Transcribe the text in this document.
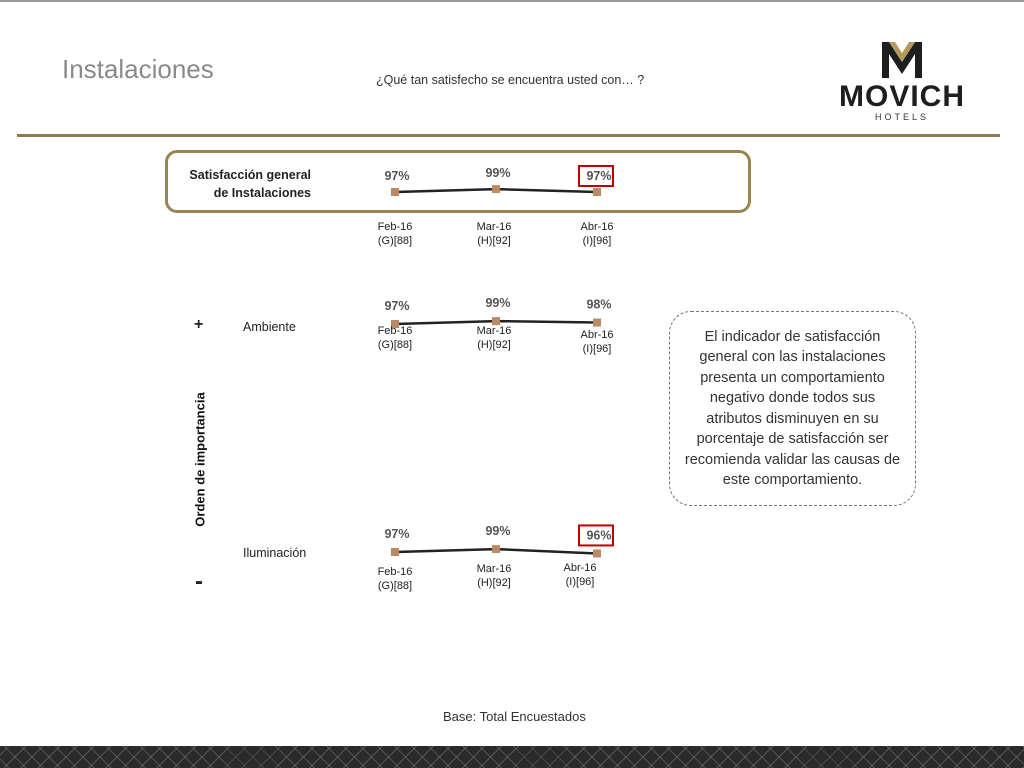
Instalaciones	¿Qué tan satisfecho se encuentra usted con… ?	MOVICH
HOTELS
Satisfacción general
de Instalaciones
Ambiente
Iluminación
+
-
Orden de importancia
97%
Feb-16
(G)[88]
99%
Mar-16
(H)[92]
97%
Abr-16
(I)[96]
97%
Feb-16
(G)[88]
99%
Mar-16
(H)[92]
98%
Abr-16
(I)[96]
97%
Feb-16
(G)[88]
99%
Mar-16
(H)[92]
96%
Abr-16
(I)[96]
El indicador de satisfacción general con las instalaciones presenta un comportamiento negativo donde todos sus atributos disminuyen en su porcentaje de satisfacción ser recomienda validar las causas de este comportamiento.
Base: Total Encuestados
